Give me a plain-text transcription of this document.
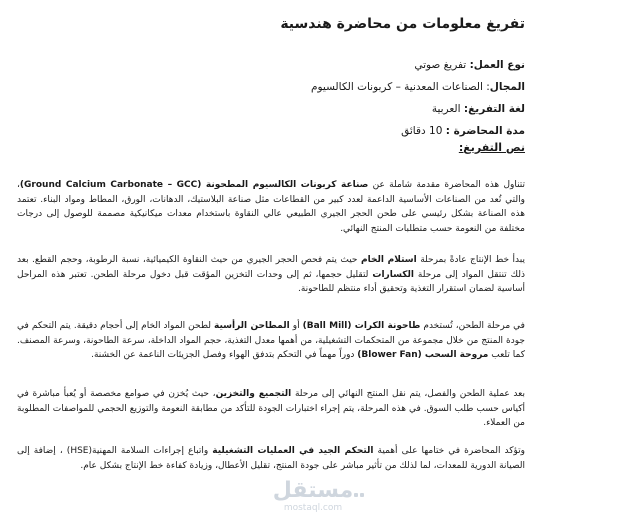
تفريغ معلومات من محاضرة هندسية
نوع العمل: تفريغ صوتي
المجال: الصناعات المعدنية – كربونات الكالسيوم
لغة التفريغ: العربية
مدة المحاضرة : 10 دقائق
نص التفريغ:

تتناول هذه المحاضرة مقدمة شاملة عن صناعة كربونات الكالسيوم المطحونة (Ground Calcium Carbonate – GCC)، والتي تُعد من الصناعات الأساسية الداعمة لعدد كبير من القطاعات مثل صناعة البلاستيك، الدهانات، الورق، المطاط ومواد البناء. تعتمد هذه الصناعة بشكل رئيسي على طحن الحجر الجيري الطبيعي عالي النقاوة باستخدام معدات ميكانيكية مصممة للوصول إلى درجات مختلفة من النعومة حسب متطلبات المنتج النهائي.

يبدأ خط الإنتاج عادةً بمرحلة استلام الخام حيث يتم فحص الحجر الجيري من حيث النقاوة الكيميائية، نسبة الرطوبة، وحجم القطع. بعد ذلك تنتقل المواد إلى مرحلة الكسارات لتقليل حجمها، ثم إلى وحدات التخزين المؤقت قبل دخول مرحلة الطحن. تعتبر هذه المراحل أساسية لضمان استقرار التغذية وتحقيق أداء منتظم للطاحونة.

في مرحلة الطحن، تُستخدم طاحونة الكرات (Ball Mill) أو المطاحن الرأسية لطحن المواد الخام إلى أحجام دقيقة. يتم التحكم في جودة المنتج من خلال مجموعة من المتحكمات التشغيلية، من أهمها معدل التغذية، حجم المواد الداخلة، سرعة الطاحونة، وسرعة المصنف. كما تلعب مروحة السحب (Blower Fan) دوراً مهماً في التحكم بتدفق الهواء وفصل الجزيئات الناعمة عن الخشنة.

بعد عملية الطحن والفصل، يتم نقل المنتج النهائي إلى مرحلة التجميع والتخزين، حيث يُخزن في صوامع مخصصة أو يُعبأ مباشرة في أكياس حسب طلب السوق. في هذه المرحلة، يتم إجراء اختبارات الجودة للتأكد من مطابقة النعومة والتوزيع الحجمي للمواصفات المطلوبة من العملاء.

وتؤكد المحاضرة في ختامها على أهمية التحكم الجيد في العمليات التشغيلية واتباع إجراءات السلامة المهنية(HSE) ، إضافة إلى الصيانة الدورية للمعدات، لما لذلك من تأثير مباشر على جودة المنتج، تقليل الأعطال، وزيادة كفاءة خط الإنتاج بشكل عام.

مستقل
mostaql.com
